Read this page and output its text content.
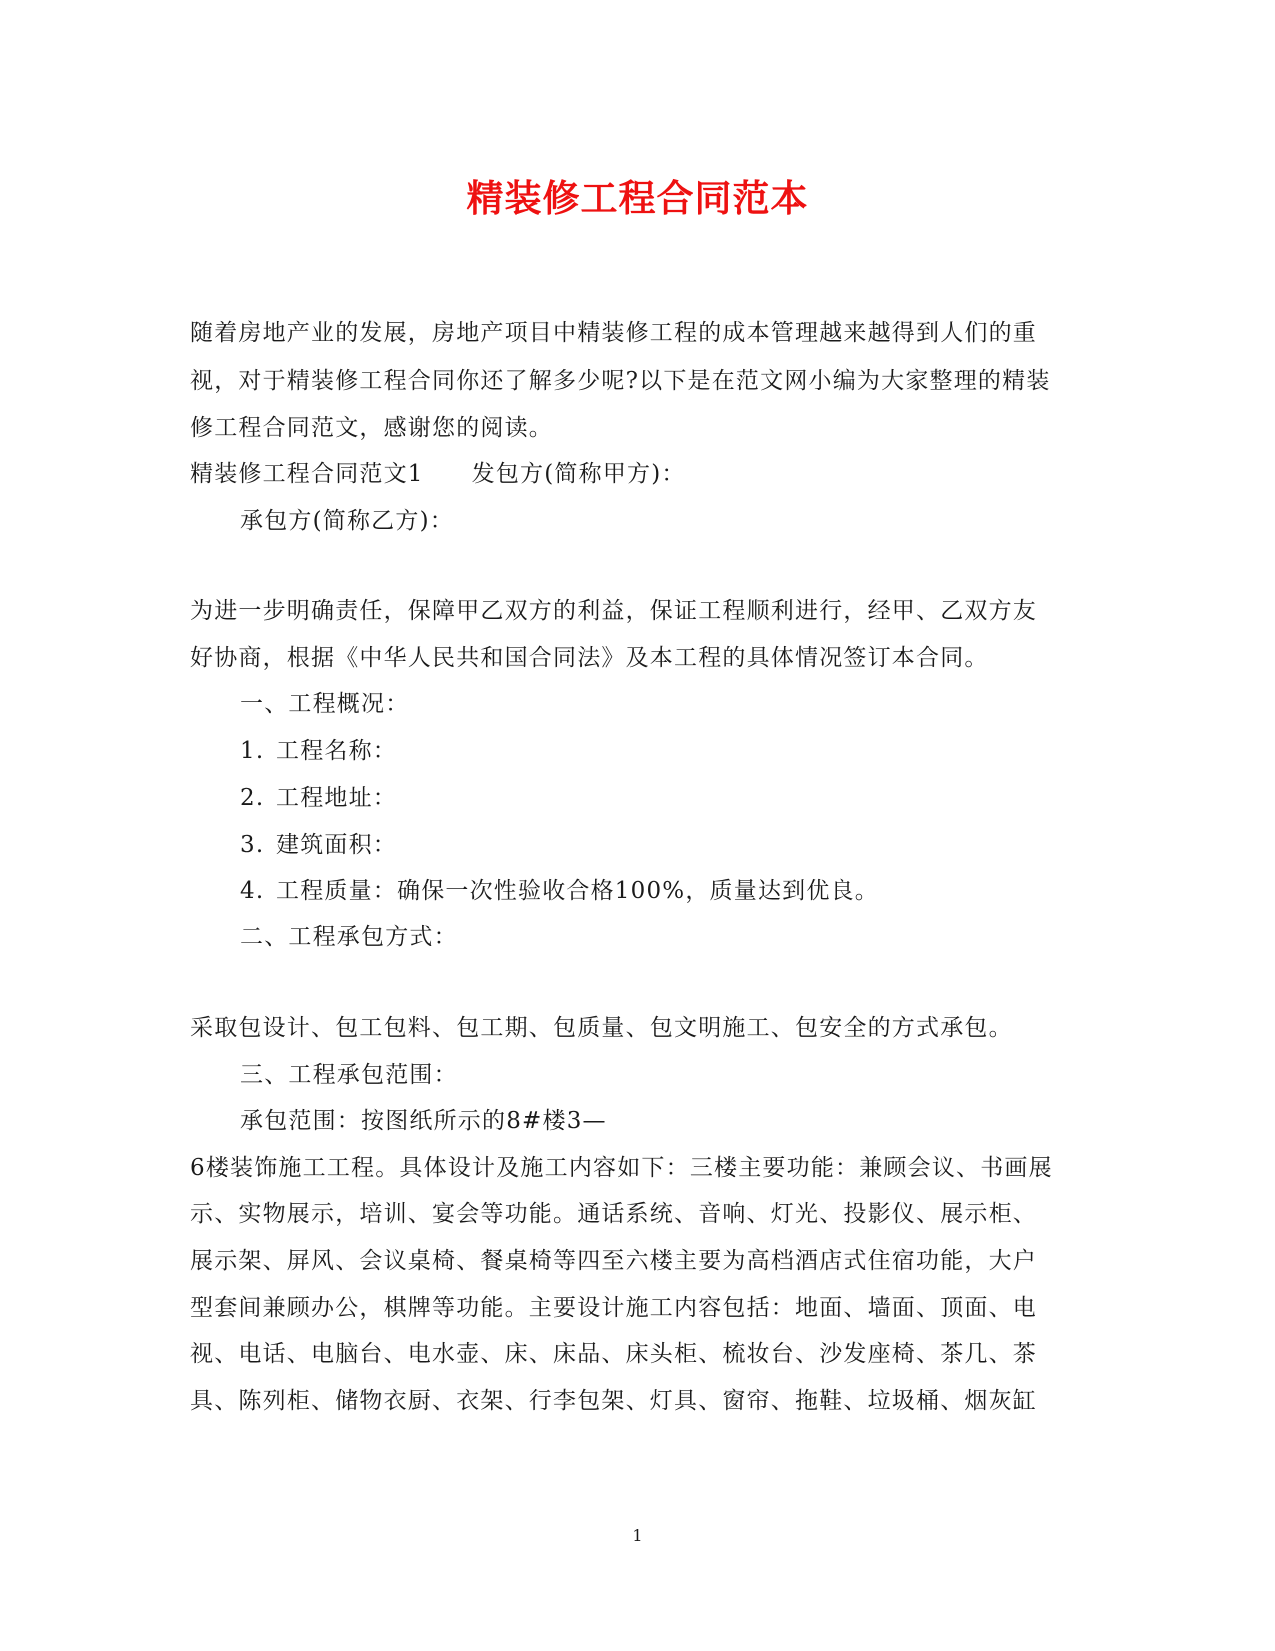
精装修工程合同范本
随着房地产业的发展，房地产项目中精装修工程的成本管理越来越得到人们的重
视，对于精装修工程合同你还了解多少呢?以下是在范文网小编为大家整理的精装
修工程合同范文，感谢您的阅读。
精装修工程合同范文1 发包方(简称甲方)：
承包方(简称乙方)：
为进一步明确责任，保障甲乙双方的利益，保证工程顺利进行，经甲、乙双方友
好协商，根据《中华人民共和国合同法》及本工程的具体情况签订本合同。
一、工程概况：
1. 工程名称：
2. 工程地址：
3. 建筑面积：
4. 工程质量：确保一次性验收合格100%，质量达到优良。
二、工程承包方式：
采取包设计、包工包料、包工期、包质量、包文明施工、包安全的方式承包。
三、工程承包范围：
承包范围：按图纸所示的8#楼3—
6楼装饰施工工程。具体设计及施工内容如下：三楼主要功能：兼顾会议、书画展
示、实物展示，培训、宴会等功能。通话系统、音响、灯光、投影仪、展示柜、
展示架、屏风、会议桌椅、餐桌椅等四至六楼主要为高档酒店式住宿功能，大户
型套间兼顾办公，棋牌等功能。主要设计施工内容包括：地面、墙面、顶面、电
视、电话、电脑台、电水壶、床、床品、床头柜、梳妆台、沙发座椅、茶几、茶
具、陈列柜、储物衣厨、衣架、行李包架、灯具、窗帘、拖鞋、垃圾桶、烟灰缸
1
